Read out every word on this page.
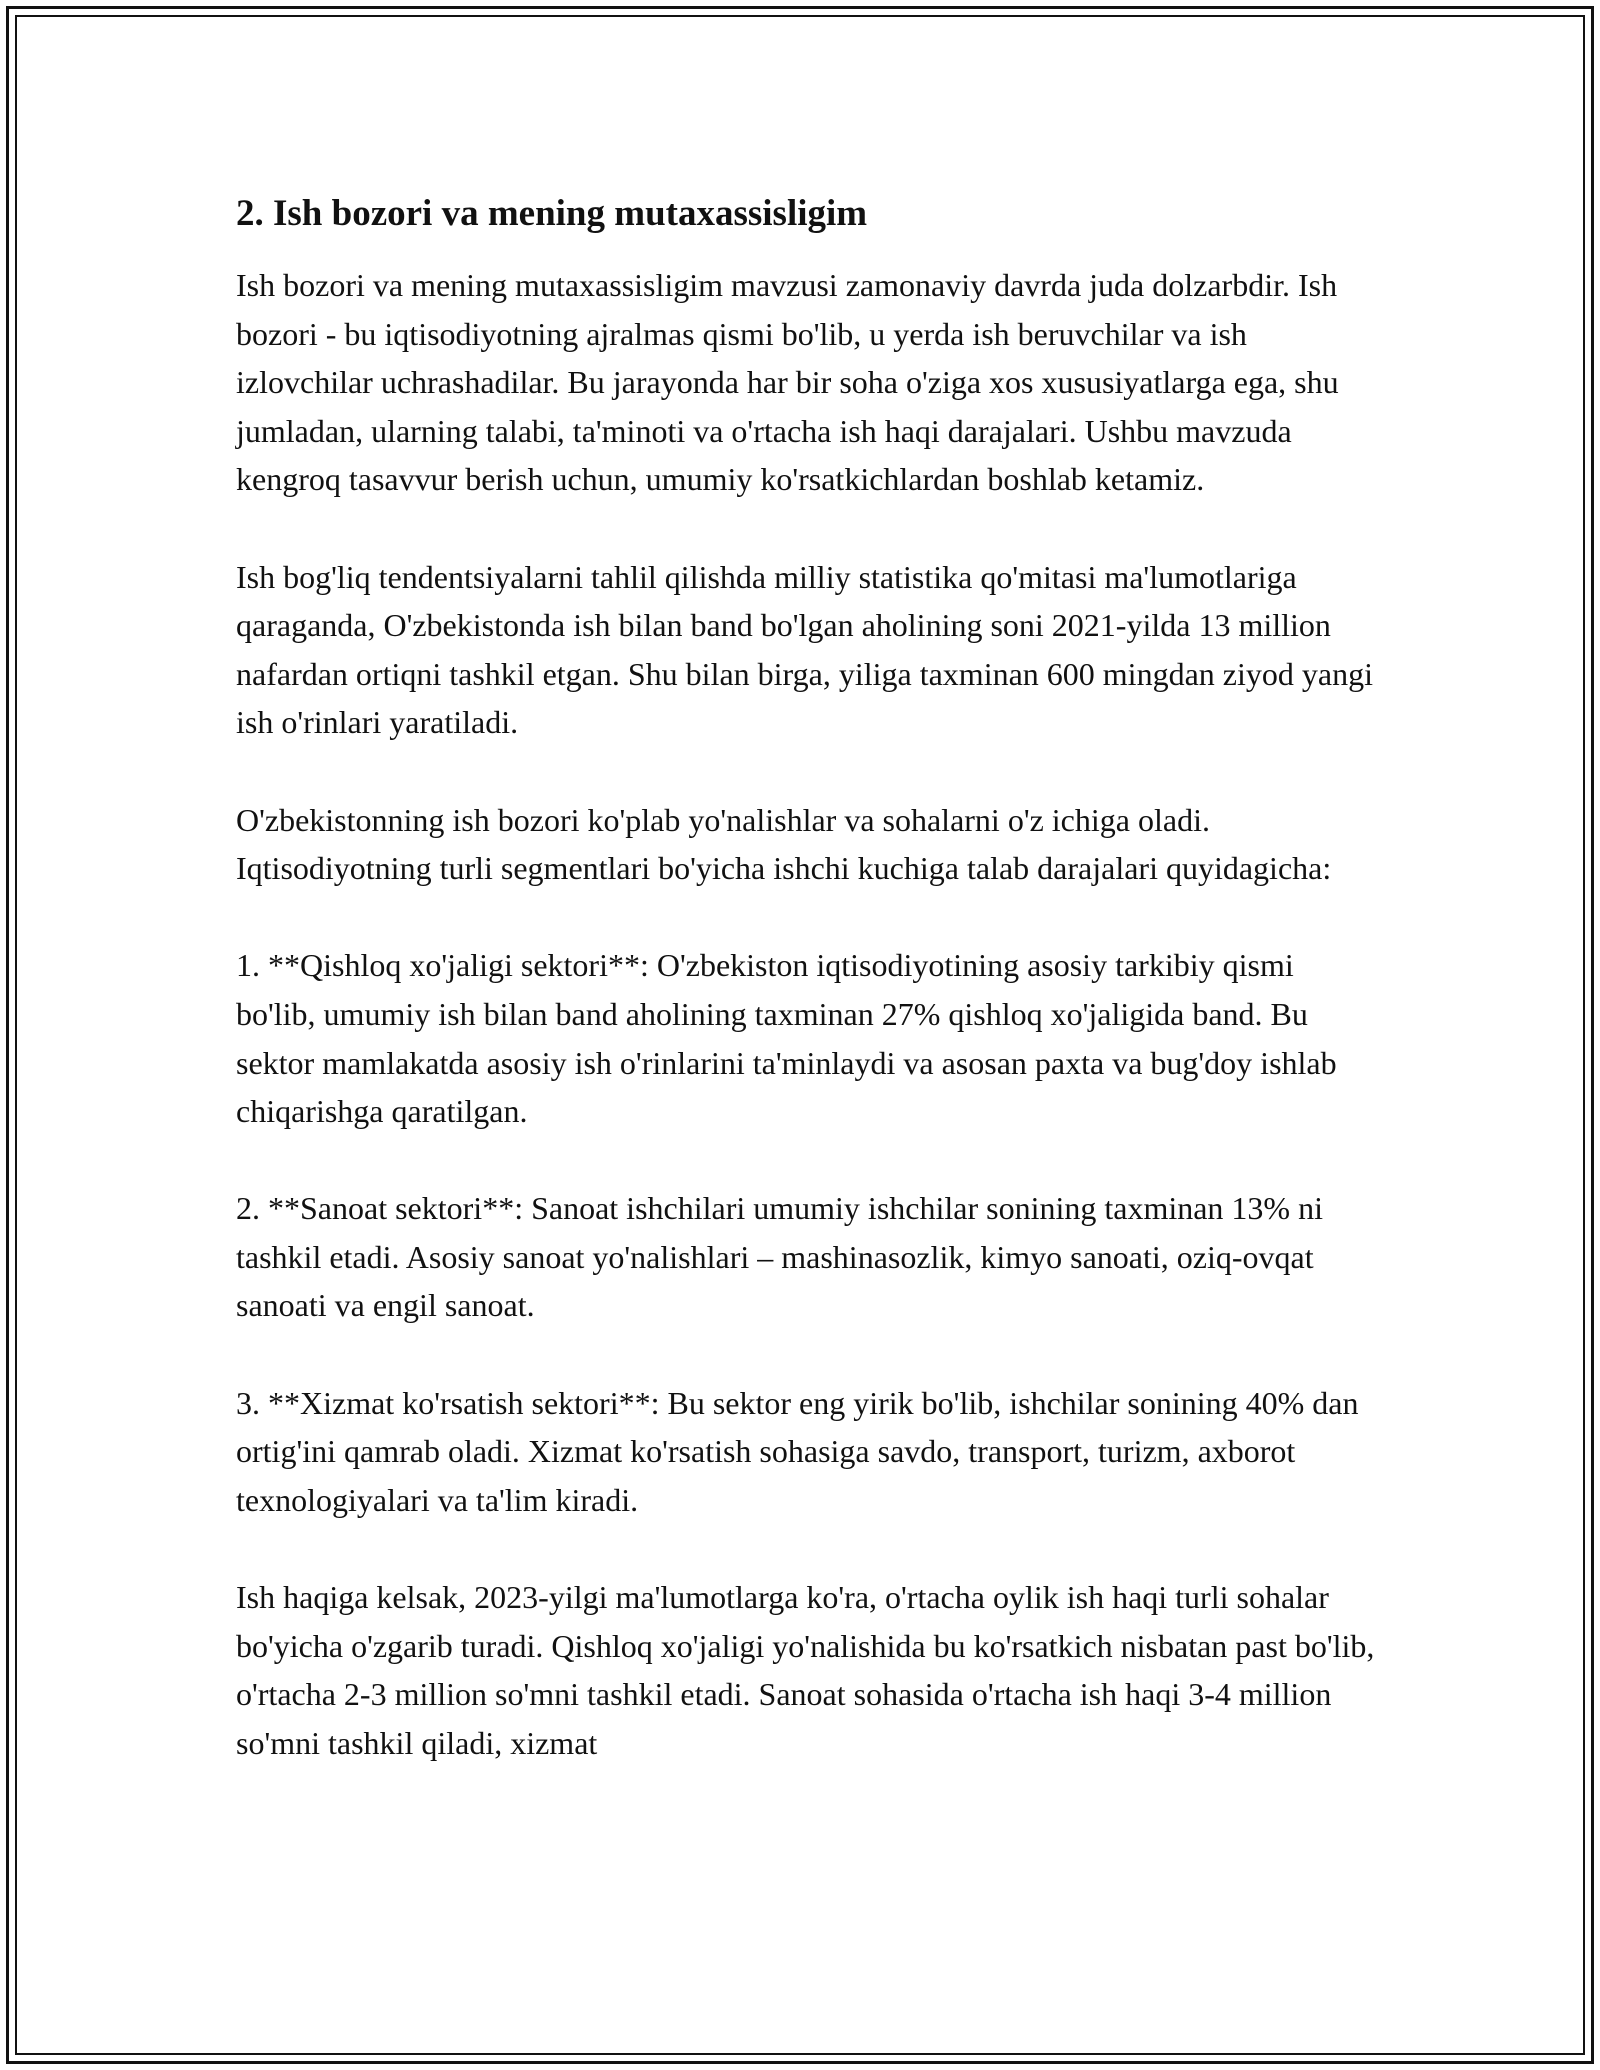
2. Ish bozori va mening mutaxassisligim

Ish bozori va mening mutaxassisligim mavzusi zamonaviy davrda juda dolzarbdir. Ish bozori - bu iqtisodiyotning ajralmas qismi bo'lib, u yerda ish beruvchilar va ish izlovchilar uchrashadilar. Bu jarayonda har bir soha o'ziga xos xususiyatlarga ega, shu jumladan, ularning talabi, ta'minoti va o'rtacha ish haqi darajalari. Ushbu mavzuda kengroq tasavvur berish uchun, umumiy ko'rsatkichlardan boshlab ketamiz.

Ish bog'liq tendentsiyalarni tahlil qilishda milliy statistika qo'mitasi ma'lumotlariga qaraganda, O'zbekistonda ish bilan band bo'lgan aholining soni 2021-yilda 13 million nafardan ortiqni tashkil etgan. Shu bilan birga, yiliga taxminan 600 mingdan ziyod yangi ish o'rinlari yaratiladi.

O'zbekistonning ish bozori ko'plab yo'nalishlar va sohalarni o'z ichiga oladi. Iqtisodiyotning turli segmentlari bo'yicha ishchi kuchiga talab darajalari quyidagicha:

1. **Qishloq xo'jaligi sektori**: O'zbekiston iqtisodiyotining asosiy tarkibiy qismi bo'lib, umumiy ish bilan band aholining taxminan 27% qishloq xo'jaligida band. Bu sektor mamlakatda asosiy ish o'rinlarini ta'minlaydi va asosan paxta va bug'doy ishlab chiqarishga qaratilgan.

2. **Sanoat sektori**: Sanoat ishchilari umumiy ishchilar sonining taxminan 13% ni tashkil etadi. Asosiy sanoat yo'nalishlari – mashinasozlik, kimyo sanoati, oziq-ovqat sanoati va engil sanoat.

3. **Xizmat ko'rsatish sektori**: Bu sektor eng yirik bo'lib, ishchilar sonining 40% dan ortig'ini qamrab oladi. Xizmat ko'rsatish sohasiga savdo, transport, turizm, axborot texnologiyalari va ta'lim kiradi.

Ish haqiga kelsak, 2023-yilgi ma'lumotlarga ko'ra, o'rtacha oylik ish haqi turli sohalar bo'yicha o'zgarib turadi. Qishloq xo'jaligi yo'nalishida bu ko'rsatkich nisbatan past bo'lib, o'rtacha 2-3 million so'mni tashkil etadi. Sanoat sohasida o'rtacha ish haqi 3-4 million so'mni tashkil qiladi, xizmat
